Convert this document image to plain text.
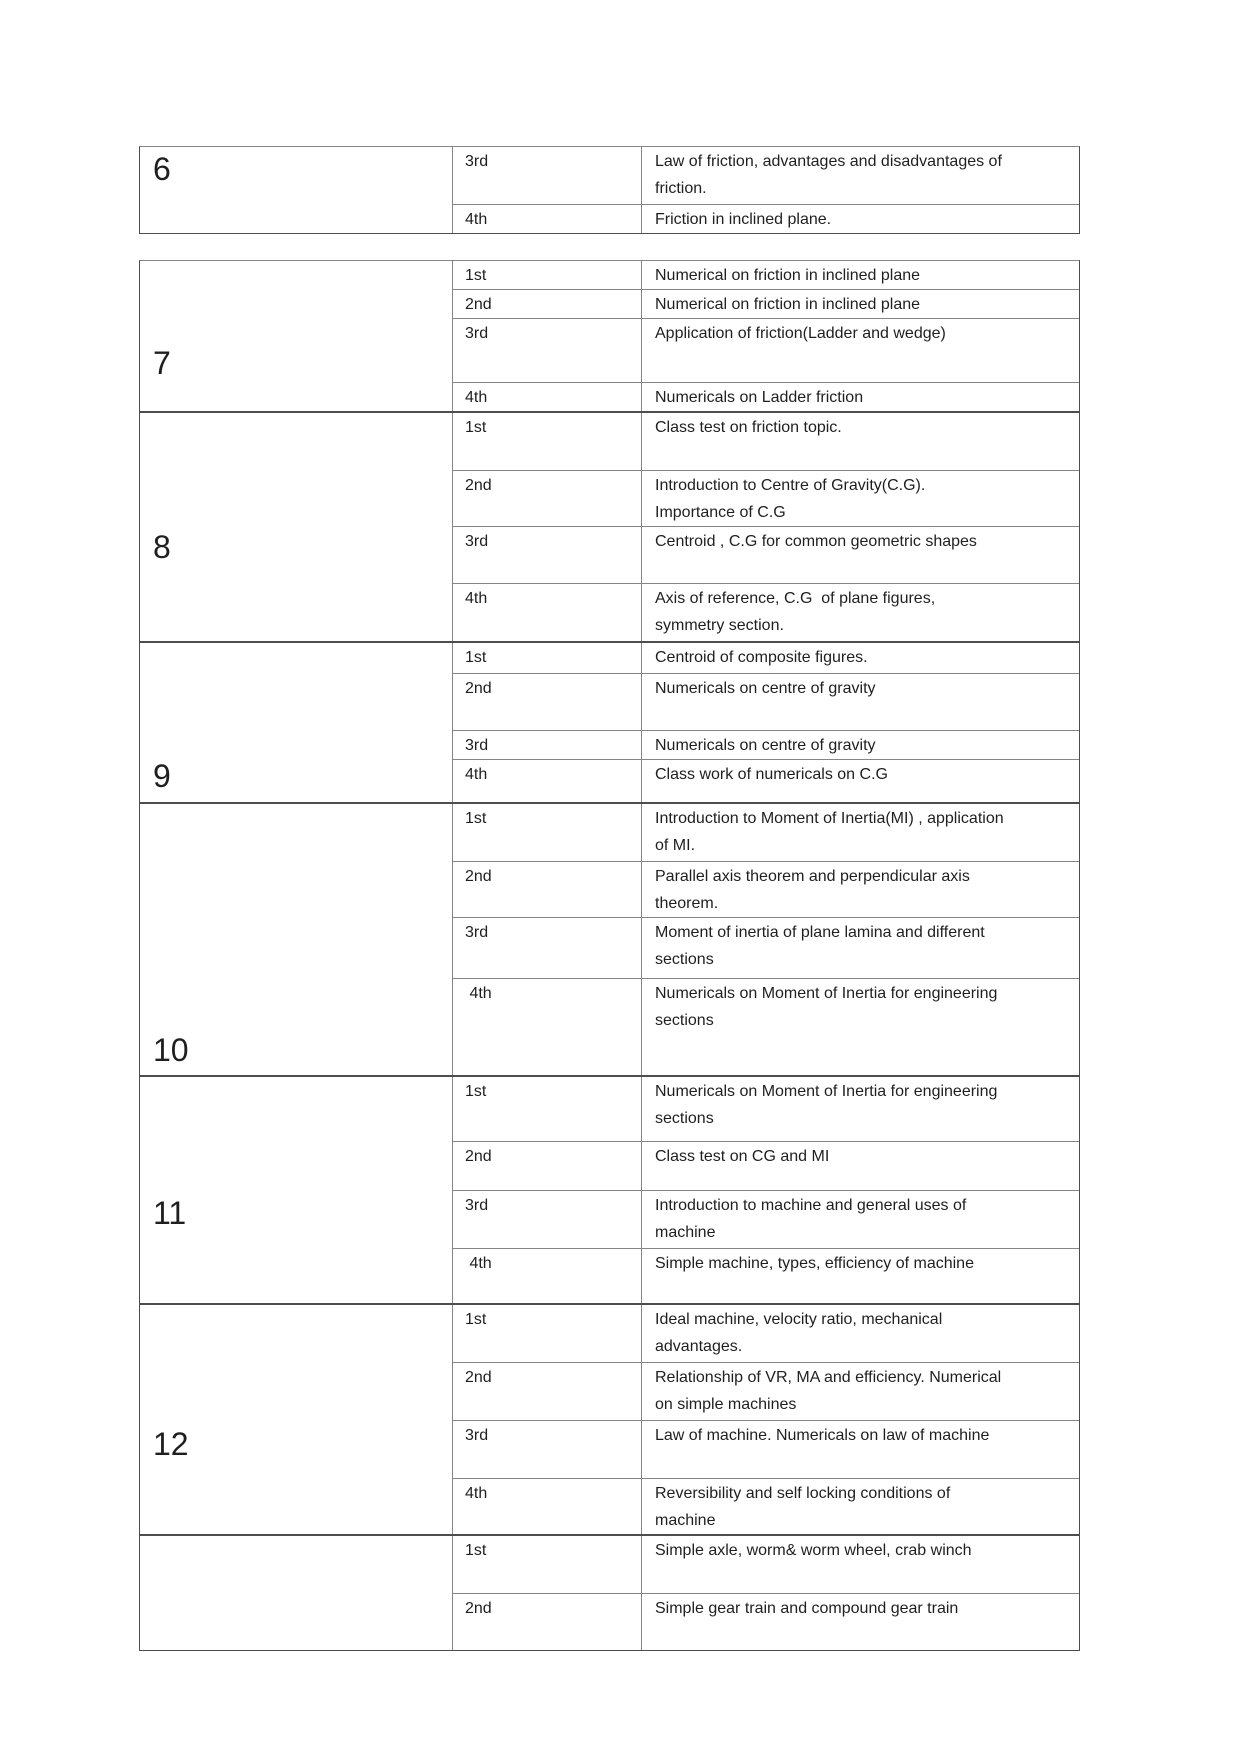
6	3rd	Law of friction, advantages and disadvantages of friction.
4th	Friction in inclined plane.
7
1st	Numerical on friction in inclined plane
2nd	Numerical on friction in inclined plane
3rd	Application of friction(Ladder and wedge)
4th	Numericals on Ladder friction
8
1st	Class test on friction topic.
2nd	Introduction to Centre of Gravity(C.G). Importance of C.G
3rd	Centroid , C.G for common geometric shapes
4th	Axis of reference, C.G  of plane figures, symmetry section.
9
1st	Centroid of composite figures.
2nd	Numericals on centre of gravity
3rd	Numericals on centre of gravity
4th	Class work of numericals on C.G
10
1st	Introduction to Moment of Inertia(MI) , application of MI.
2nd	Parallel axis theorem and perpendicular axis theorem.
3rd	Moment of inertia of plane lamina and different sections
4th	Numericals on Moment of Inertia for engineering sections
11
1st	Numericals on Moment of Inertia for engineering sections
2nd	Class test on CG and MI
3rd	Introduction to machine and general uses of machine
4th	Simple machine, types, efficiency of machine
12
1st	Ideal machine, velocity ratio, mechanical advantages.
2nd	Relationship of VR, MA and efficiency. Numerical on simple machines
3rd	Law of machine. Numericals on law of machine
4th	Reversibility and self locking conditions of machine
1st	Simple axle, worm& worm wheel, crab winch
2nd	Simple gear train and compound gear train
